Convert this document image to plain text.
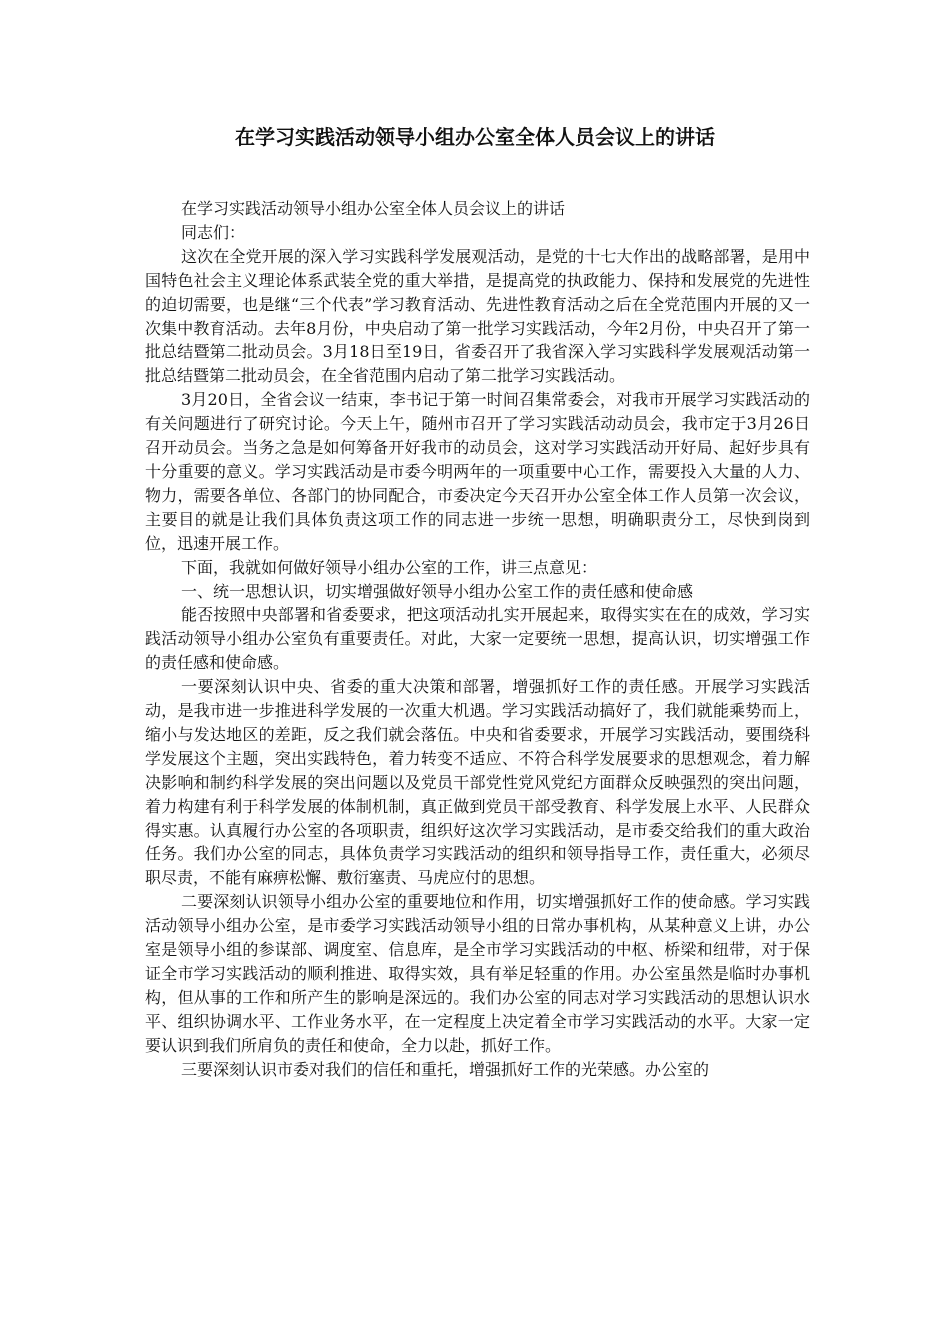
在学习实践活动领导小组办公室全体人员会议上的讲话

在学习实践活动领导小组办公室全体人员会议上的讲话

同志们：

这次在全党开展的深入学习实践科学发展观活动，是党的十七大作出的战略部署，是用中国特色社会主义理论体系武装全党的重大举措，是提高党的执政能力、保持和发展党的先进性的迫切需要，也是继“三个代表”学习教育活动、先进性教育活动之后在全党范围内开展的又一次集中教育活动。去年8月份，中央启动了第一批学习实践活动，今年2月份，中央召开了第一批总结暨第二批动员会。3月18日至19日，省委召开了我省深入学习实践科学发展观活动第一批总结暨第二批动员会，在全省范围内启动了第二批学习实践活动。

3月20日，全省会议一结束，李书记于第一时间召集常委会，对我市开展学习实践活动的有关问题进行了研究讨论。今天上午，随州市召开了学习实践活动动员会，我市定于3月26日召开动员会。当务之急是如何筹备开好我市的动员会，这对学习实践活动开好局、起好步具有十分重要的意义。学习实践活动是市委今明两年的一项重要中心工作，需要投入大量的人力、物力，需要各单位、各部门的协同配合，市委决定今天召开办公室全体工作人员第一次会议，主要目的就是让我们具体负责这项工作的同志进一步统一思想，明确职责分工，尽快到岗到位，迅速开展工作。

下面，我就如何做好领导小组办公室的工作，讲三点意见：

一、统一思想认识，切实增强做好领导小组办公室工作的责任感和使命感

能否按照中央部署和省委要求，把这项活动扎实开展起来，取得实实在在的成效，学习实践活动领导小组办公室负有重要责任。对此，大家一定要统一思想，提高认识，切实增强工作的责任感和使命感。

一要深刻认识中央、省委的重大决策和部署，增强抓好工作的责任感。开展学习实践活动，是我市进一步推进科学发展的一次重大机遇。学习实践活动搞好了，我们就能乘势而上，缩小与发达地区的差距，反之我们就会落伍。中央和省委要求，开展学习实践活动，要围绕科学发展这个主题，突出实践特色，着力转变不适应、不符合科学发展要求的思想观念，着力解决影响和制约科学发展的突出问题以及党员干部党性党风党纪方面群众反映强烈的突出问题，着力构建有利于科学发展的体制机制，真正做到党员干部受教育、科学发展上水平、人民群众得实惠。认真履行办公室的各项职责，组织好这次学习实践活动，是市委交给我们的重大政治任务。我们办公室的同志，具体负责学习实践活动的组织和领导指导工作，责任重大，必须尽职尽责，不能有麻痹松懈、敷衍塞责、马虎应付的思想。

二要深刻认识领导小组办公室的重要地位和作用，切实增强抓好工作的使命感。学习实践活动领导小组办公室，是市委学习实践活动领导小组的日常办事机构，从某种意义上讲，办公室是领导小组的参谋部、调度室、信息库，是全市学习实践活动的中枢、桥梁和纽带，对于保证全市学习实践活动的顺利推进、取得实效，具有举足轻重的作用。办公室虽然是临时办事机构，但从事的工作和所产生的影响是深远的。我们办公室的同志对学习实践活动的思想认识水平、组织协调水平、工作业务水平，在一定程度上决定着全市学习实践活动的水平。大家一定要认识到我们所肩负的责任和使命，全力以赴，抓好工作。

三要深刻认识市委对我们的信任和重托，增强抓好工作的光荣感。办公室的
